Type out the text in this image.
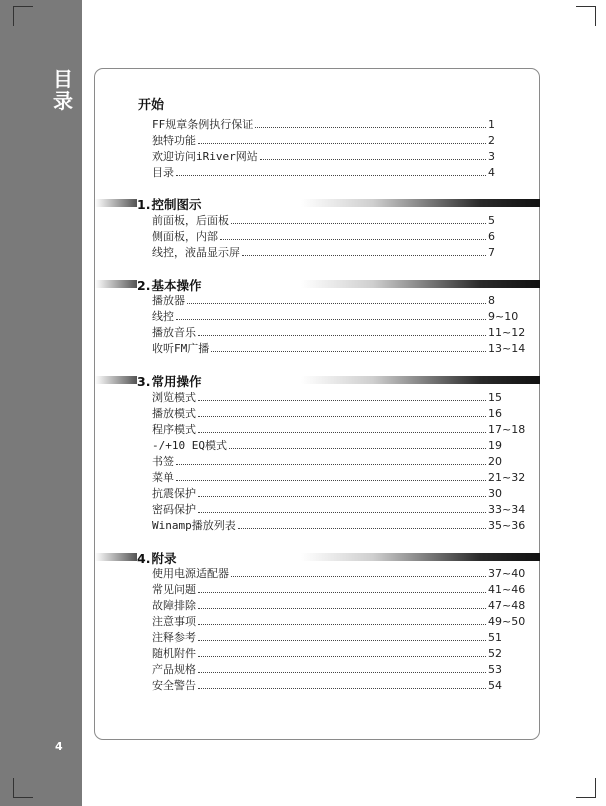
目录
4
开始
FF规章条例执行保证	1
独特功能	2
欢迎访问iRiver网站	3
目录	4
1.控制图示
前面板，后面板	5
侧面板，内部	6
线控，液晶显示屏	7
2.基本操作
播放器	8
线控	9~10
播放音乐	11~12
收听FM广播	13~14
3.常用操作
浏览模式	15
播放模式	16
程序模式	17~18
-/+10 EQ模式	19
书签	20
菜单	21~32
抗震保护	30
密码保护	33~34
Winamp播放列表	35~36
4.附录
使用电源适配器	37~40
常见问题	41~46
故障排除	47~48
注意事项	49~50
注释参考	51
随机附件	52
产品规格	53
安全警告	54
